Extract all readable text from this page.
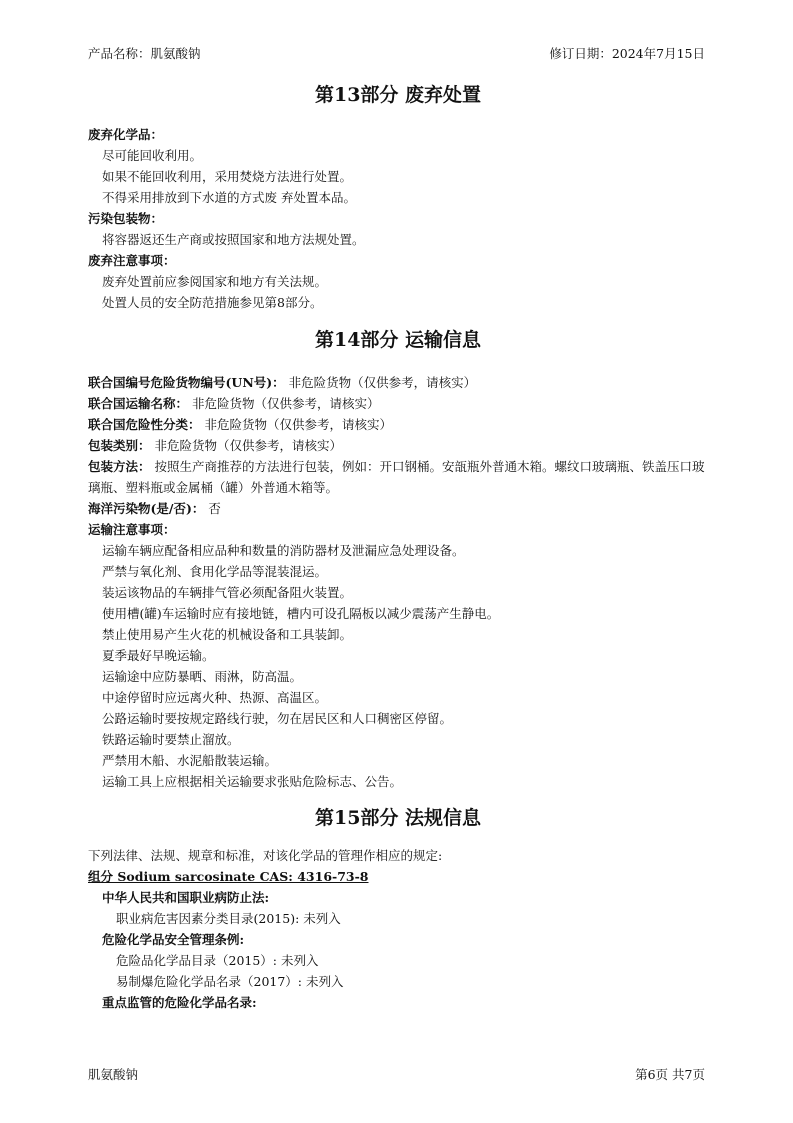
产品名称：肌氨酸钠	修订日期：2024年7月15日
第13部分 废弃处置
废弃化学品：
尽可能回收利用。
如果不能回收利用，采用焚烧方法进行处置。
不得采用排放到下水道的方式废 弃处置本品。
污染包装物：
将容器返还生产商或按照国家和地方法规处置。
废弃注意事项：
废弃处置前应参阅国家和地方有关法规。
处置人员的安全防范措施参见第8部分。
第14部分 运输信息
联合国编号危险货物编号(UN号)： 非危险货物（仅供参考，请核实）
联合国运输名称： 非危险货物（仅供参考，请核实）
联合国危险性分类： 非危险货物（仅供参考，请核实）
包装类别： 非危险货物（仅供参考，请核实）
包装方法： 按照生产商推荐的方法进行包装，例如：开口钢桶。安瓿瓶外普通木箱。螺纹口玻璃瓶、铁盖压口玻璃瓶、塑料瓶或金属桶（罐）外普通木箱等。
海洋污染物(是/否)： 否
运输注意事项：
运输车辆应配备相应品种和数量的消防器材及泄漏应急处理设备。
严禁与氧化剂、食用化学品等混装混运。
装运该物品的车辆排气管必须配备阻火装置。
使用槽(罐)车运输时应有接地链，槽内可设孔隔板以减少震荡产生静电。
禁止使用易产生火花的机械设备和工具装卸。
夏季最好早晚运输。
运输途中应防暴晒、雨淋，防高温。
中途停留时应远离火种、热源、高温区。
公路运输时要按规定路线行驶，勿在居民区和人口稠密区停留。
铁路运输时要禁止溜放。
严禁用木船、水泥船散装运输。
运输工具上应根据相关运输要求张贴危险标志、公告。
第15部分 法规信息
下列法律、法规、规章和标准，对该化学品的管理作相应的规定:
组分 Sodium sarcosinate CAS: 4316-73-8
中华人民共和国职业病防止法:
职业病危害因素分类目录(2015): 未列入
危险化学品安全管理条例:
危险品化学品目录（2015）: 未列入
易制爆危险化学品名录（2017）: 未列入
重点监管的危险化学品名录:
肌氨酸钠	第6页 共7页
